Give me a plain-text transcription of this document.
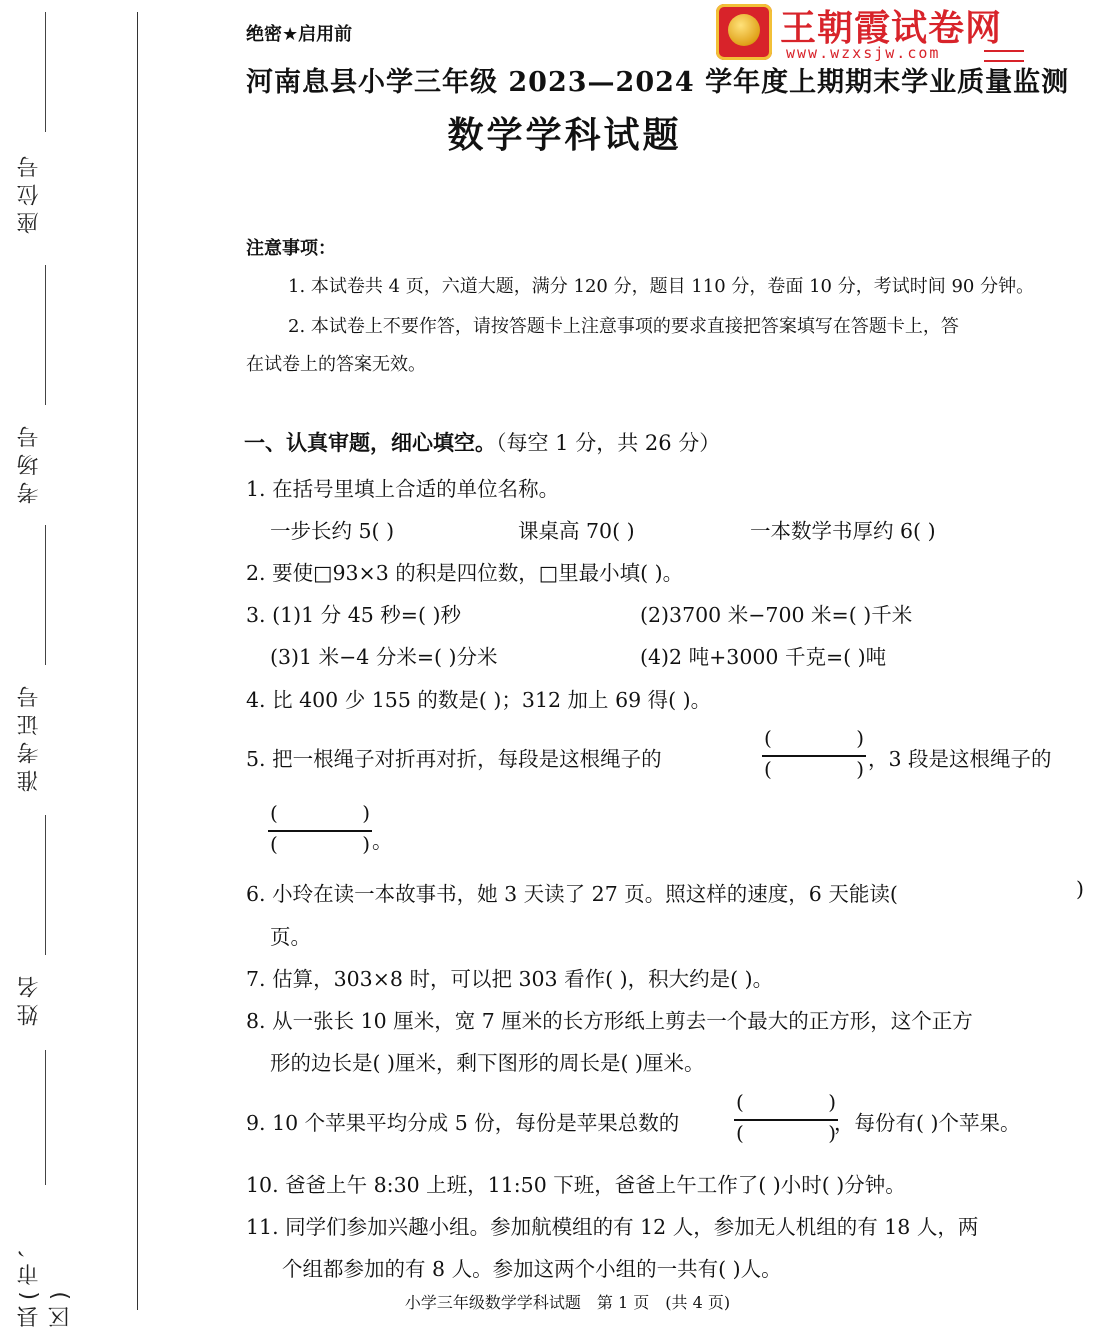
座位号
考场号
准考证号
姓名
县(市、区)
绝密★启用前	王朝霞试卷网
www.wzxsjw.com
河南息县小学三年级 2023—2024 学年度上期期末学业质量监测
数学学科试题
注意事项：
1. 本试卷共 4 页，六道大题，满分 120 分，题目 110 分，卷面 10 分，考试时间 90 分钟。
2. 本试卷上不要作答，请按答题卡上注意事项的要求直接把答案填写在答题卡上，答
在试卷上的答案无效。
一、认真审题，细心填空。（每空 1 分，共 26 分）
1. 在括号里填上合适的单位名称。
一步长约 5( )	课桌高 70( )	一本数学书厚约 6( )
2. 要使□93×3 的积是四位数，□里最小填( )。
3. (1)1 分 45 秒=( )秒	(2)3700 米−700 米=( )千米
(3)1 米−4 分米=( )分米	(4)2 吨+3000 千克=( )吨
4. 比 400 少 155 的数是( )；312 加上 69 得( )。
5. 把一根绳子对折再对折，每段是这根绳子的
(	)
(	) ，3 段是这根绳子的
(	)
(	) 。
6. 小玲在读一本故事书，她 3 天读了 27 页。照这样的速度，6 天能读(	)
页。
7. 估算，303×8 时，可以把 303 看作( )，积大约是( )。
8. 从一张长 10 厘米，宽 7 厘米的长方形纸上剪去一个最大的正方形，这个正方
形的边长是( )厘米，剩下图形的周长是( )厘米。
9. 10 个苹果平均分成 5 份，每份是苹果总数的
(	)
(	)
，每份有( )个苹果。
10. 爸爸上午 8:30 上班，11:50 下班，爸爸上午工作了( )小时( )分钟。
11. 同学们参加兴趣小组。参加航模组的有 12 人，参加无人机组的有 18 人，两
个组都参加的有 8 人。参加这两个小组的一共有( )人。
小学三年级数学学科试题　第 1 页　(共 4 页)
